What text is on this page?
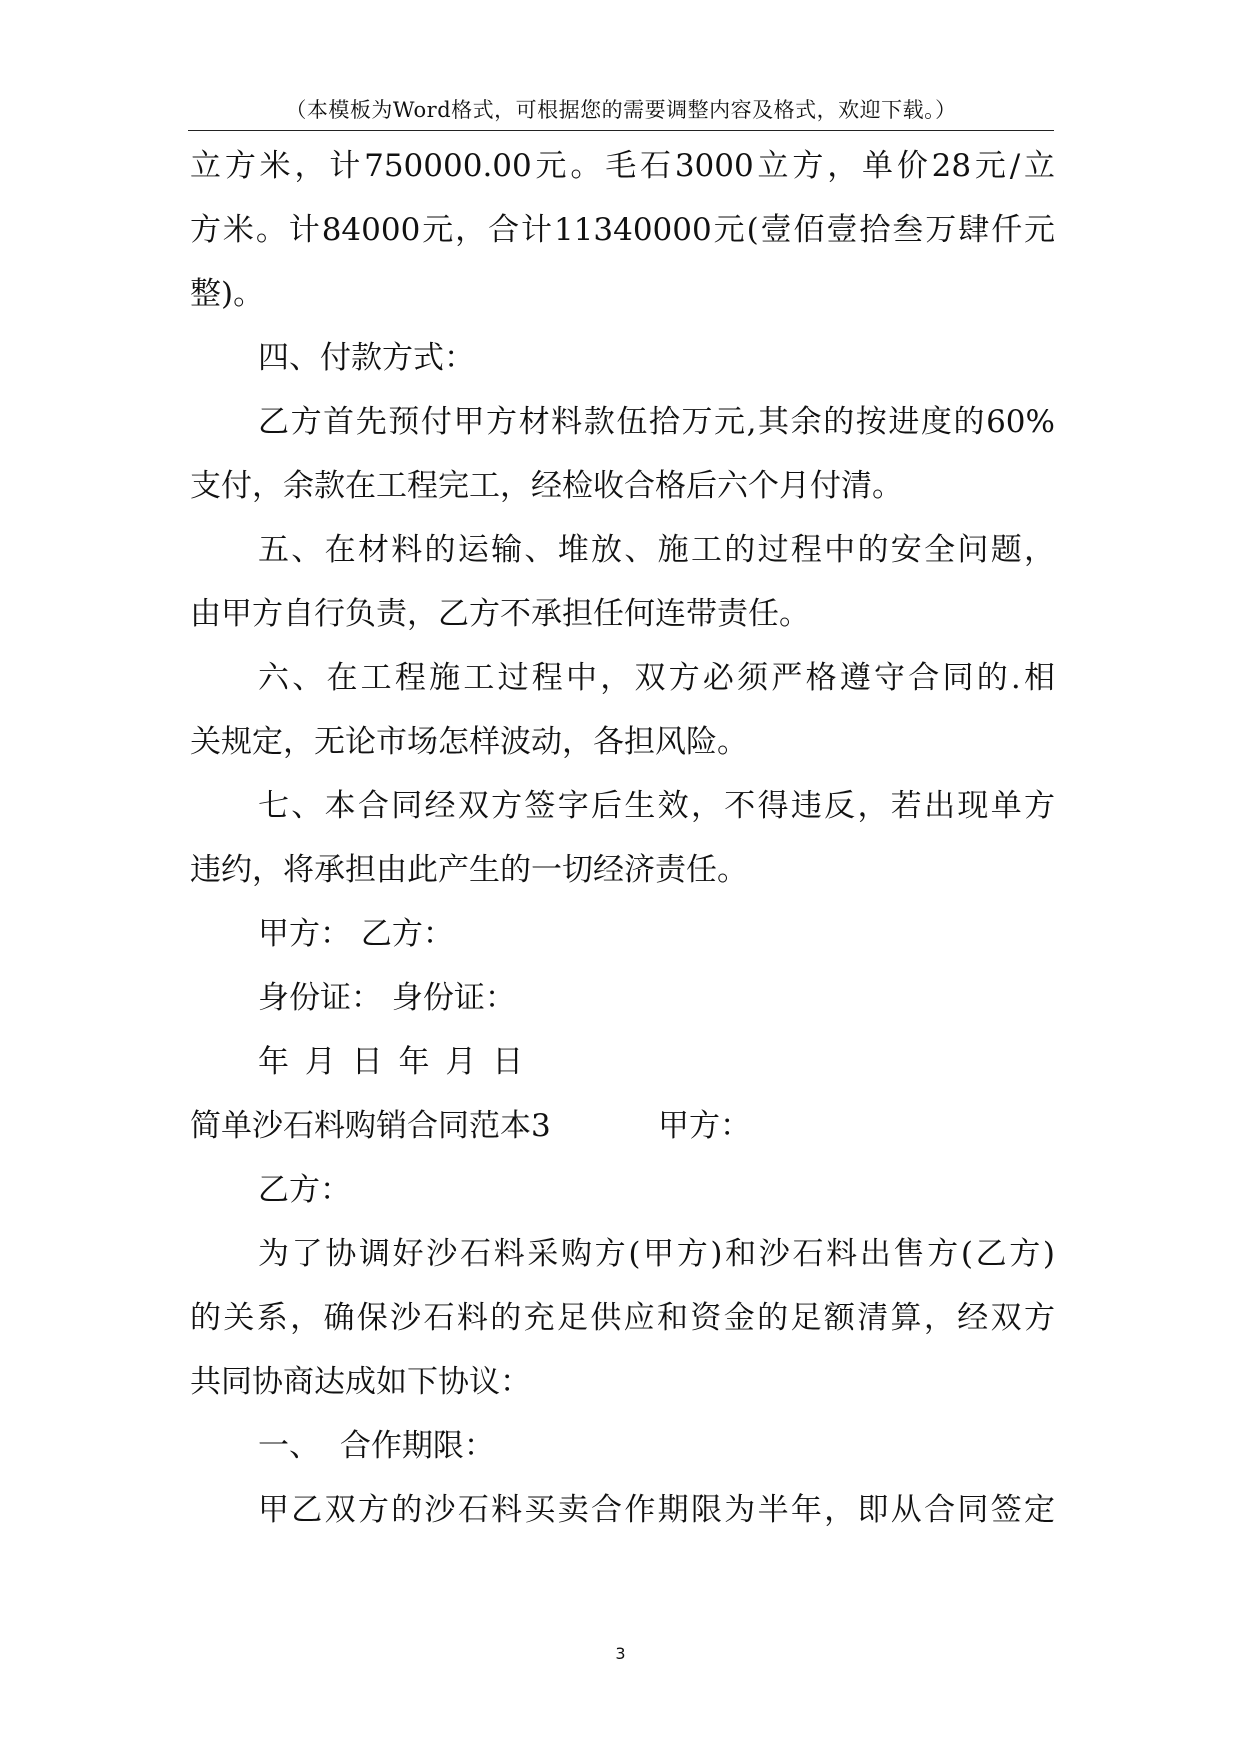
（本模板为Word格式，可根据您的需要调整内容及格式，欢迎下载。）
立方米，计750000.00元。毛石3000立方，单价28元/立
方米。计84000元，合计11340000元(壹佰壹拾叁万肆仟元
整)。
四、付款方式：
乙方首先预付甲方材料款伍拾万元,其余的按进度的60%
支付，余款在工程完工，经检收合格后六个月付清。
五、在材料的运输、堆放、施工的过程中的安全问题，
由甲方自行负责，乙方不承担任何连带责任。
六、在工程施工过程中，双方必须严格遵守合同的.相
关规定，无论市场怎样波动，各担风险。
七、本合同经双方签字后生效，不得违反，若出现单方
违约，将承担由此产生的一切经济责任。
甲方： 乙方：
身份证： 身份证：
年 月 日 年 月 日
简单沙石料购销合同范本3	甲方：
乙方：
为了协调好沙石料采购方(甲方)和沙石料出售方(乙方)
的关系，确保沙石料的充足供应和资金的足额清算，经双方
共同协商达成如下协议：
一、 合作期限：
甲乙双方的沙石料买卖合作期限为半年，即从合同签定
3
